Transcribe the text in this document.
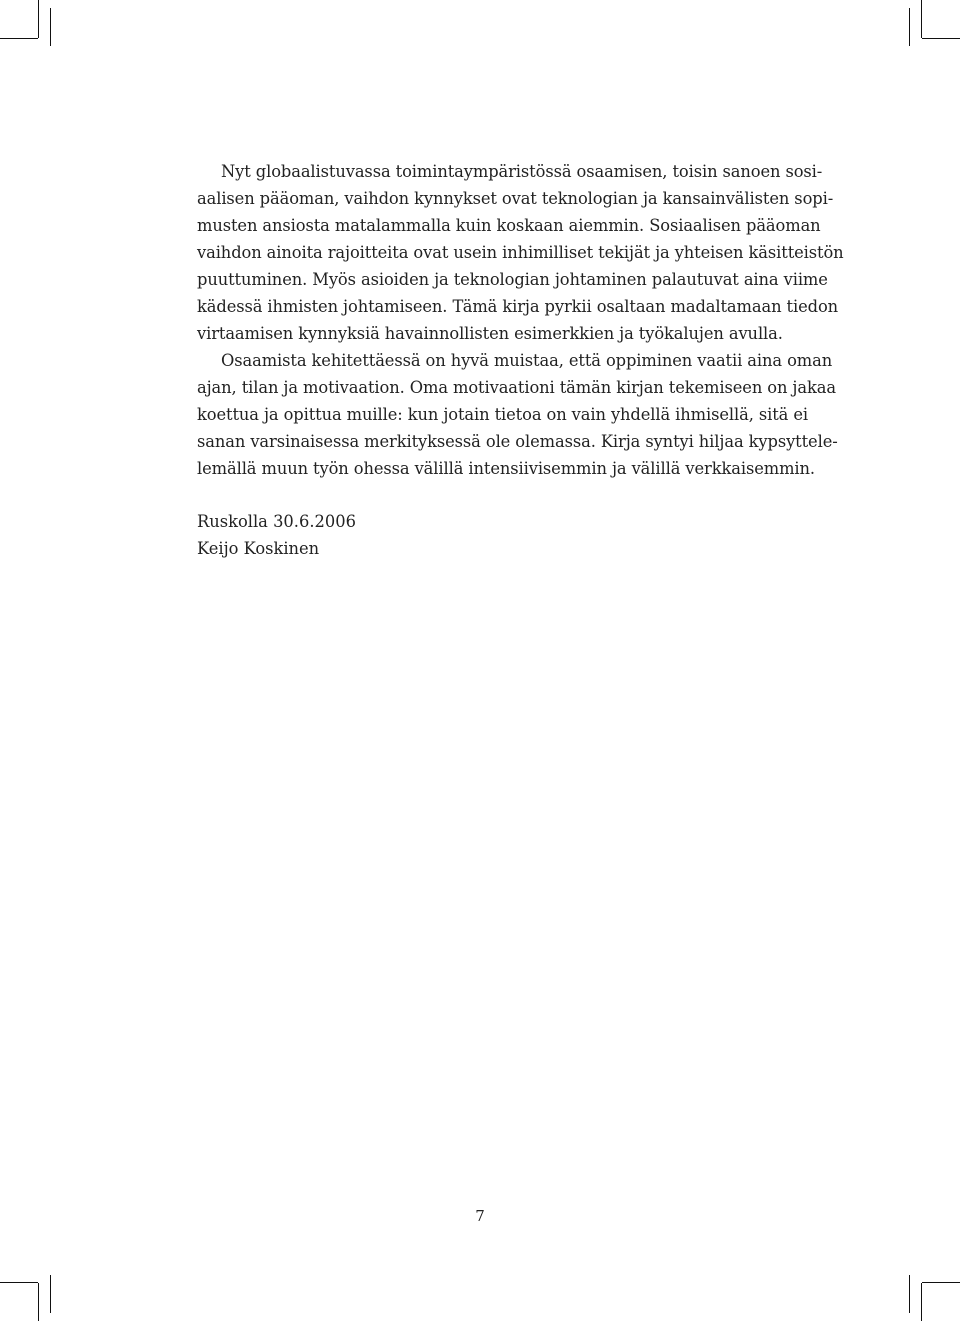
Nyt globaalistuvassa toimintaympäristössä osaamisen, toisin sanoen sosi-
aalisen pääoman, vaihdon kynnykset ovat teknologian ja kansainvälisten sopi-
musten ansiosta matalammalla kuin koskaan aiemmin. Sosiaalisen pääoman
vaihdon ainoita rajoitteita ovat usein inhimilliset tekijät ja yhteisen käsitteistön
puuttuminen. Myös asioiden ja teknologian johtaminen palautuvat aina viime
kädessä ihmisten johtamiseen. Tämä kirja pyrkii osaltaan madaltamaan tiedon
virtaamisen kynnyksiä havainnollisten esimerkkien ja työkalujen avulla.

Osaamista kehitettäessä on hyvä muistaa, että oppiminen vaatii aina oman
ajan, tilan ja motivaation. Oma motivaationi tämän kirjan tekemiseen on jakaa
koettua ja opittua muille: kun jotain tietoa on vain yhdellä ihmisellä, sitä ei
sanan varsinaisessa merkityksessä ole olemassa. Kirja syntyi hiljaa kypsyttele-
lemällä muun työn ohessa välillä intensiivisemmin ja välillä verkkaisemmin.

Ruskolla 30.6.2006
Keijo Koskinen
7
